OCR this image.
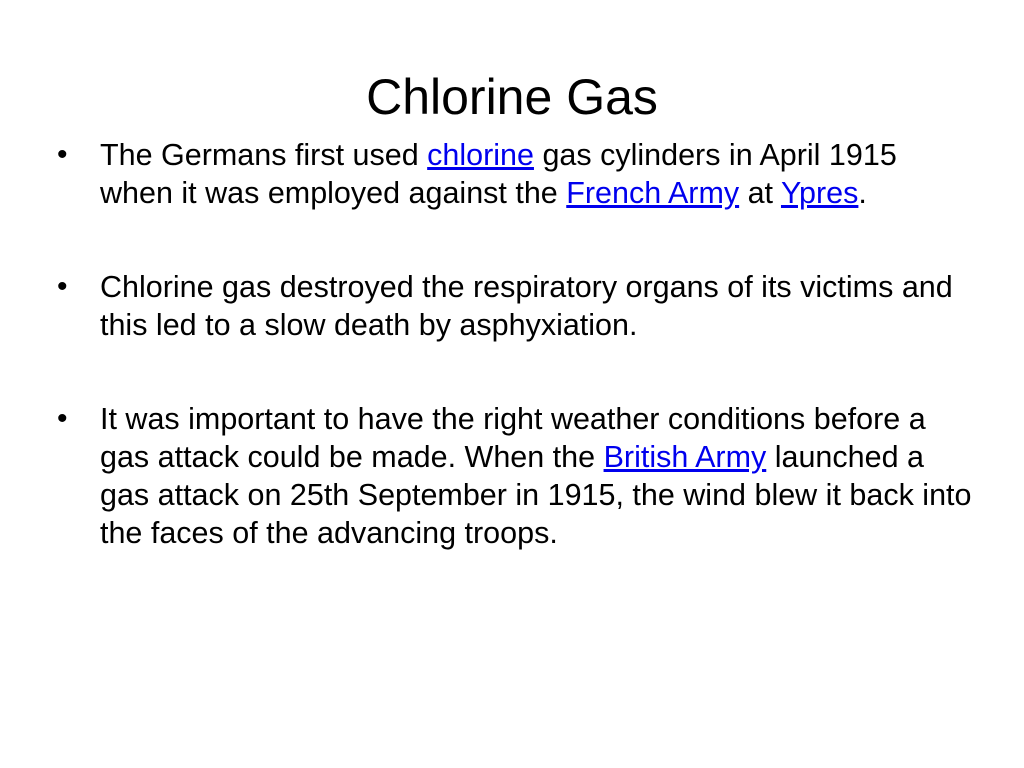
Chlorine Gas
• The Germans first used chlorine gas cylinders in April 1915 when it was employed against the French Army at Ypres.
• Chlorine gas destroyed the respiratory organs of its victims and this led to a slow death by asphyxiation.
• It was important to have the right weather conditions before a gas attack could be made. When the British Army launched a gas attack on 25th September in 1915, the wind blew it back into the faces of the advancing troops.
